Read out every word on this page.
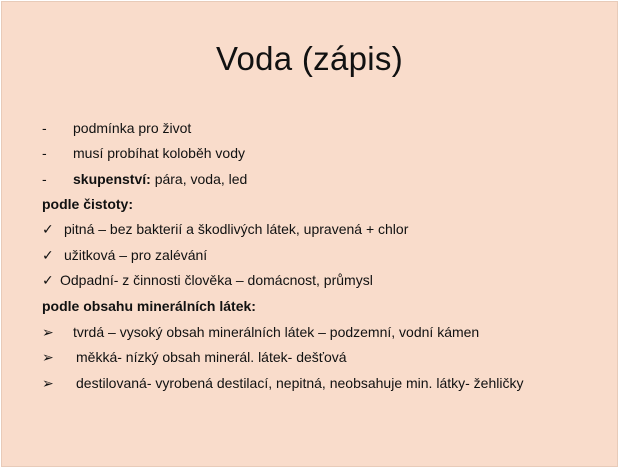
Voda (zápis)
- podmínka pro život
- musí probíhat koloběh vody
- skupenství: pára, voda, led
podle čistoty:
✓ pitná – bez bakterií a škodlivých látek, upravená + chlor
✓ užitková – pro zalévání
✓ Odpadní- z činnosti člověka – domácnost, průmysl
podle obsahu minerálních látek:
➢ tvrdá – vysoký obsah minerálních látek – podzemní, vodní kámen
➢ měkká- nízký obsah minerál. látek- dešťová
➢ destilovaná- vyrobená destilací, nepitná, neobsahuje min. látky- žehličky
